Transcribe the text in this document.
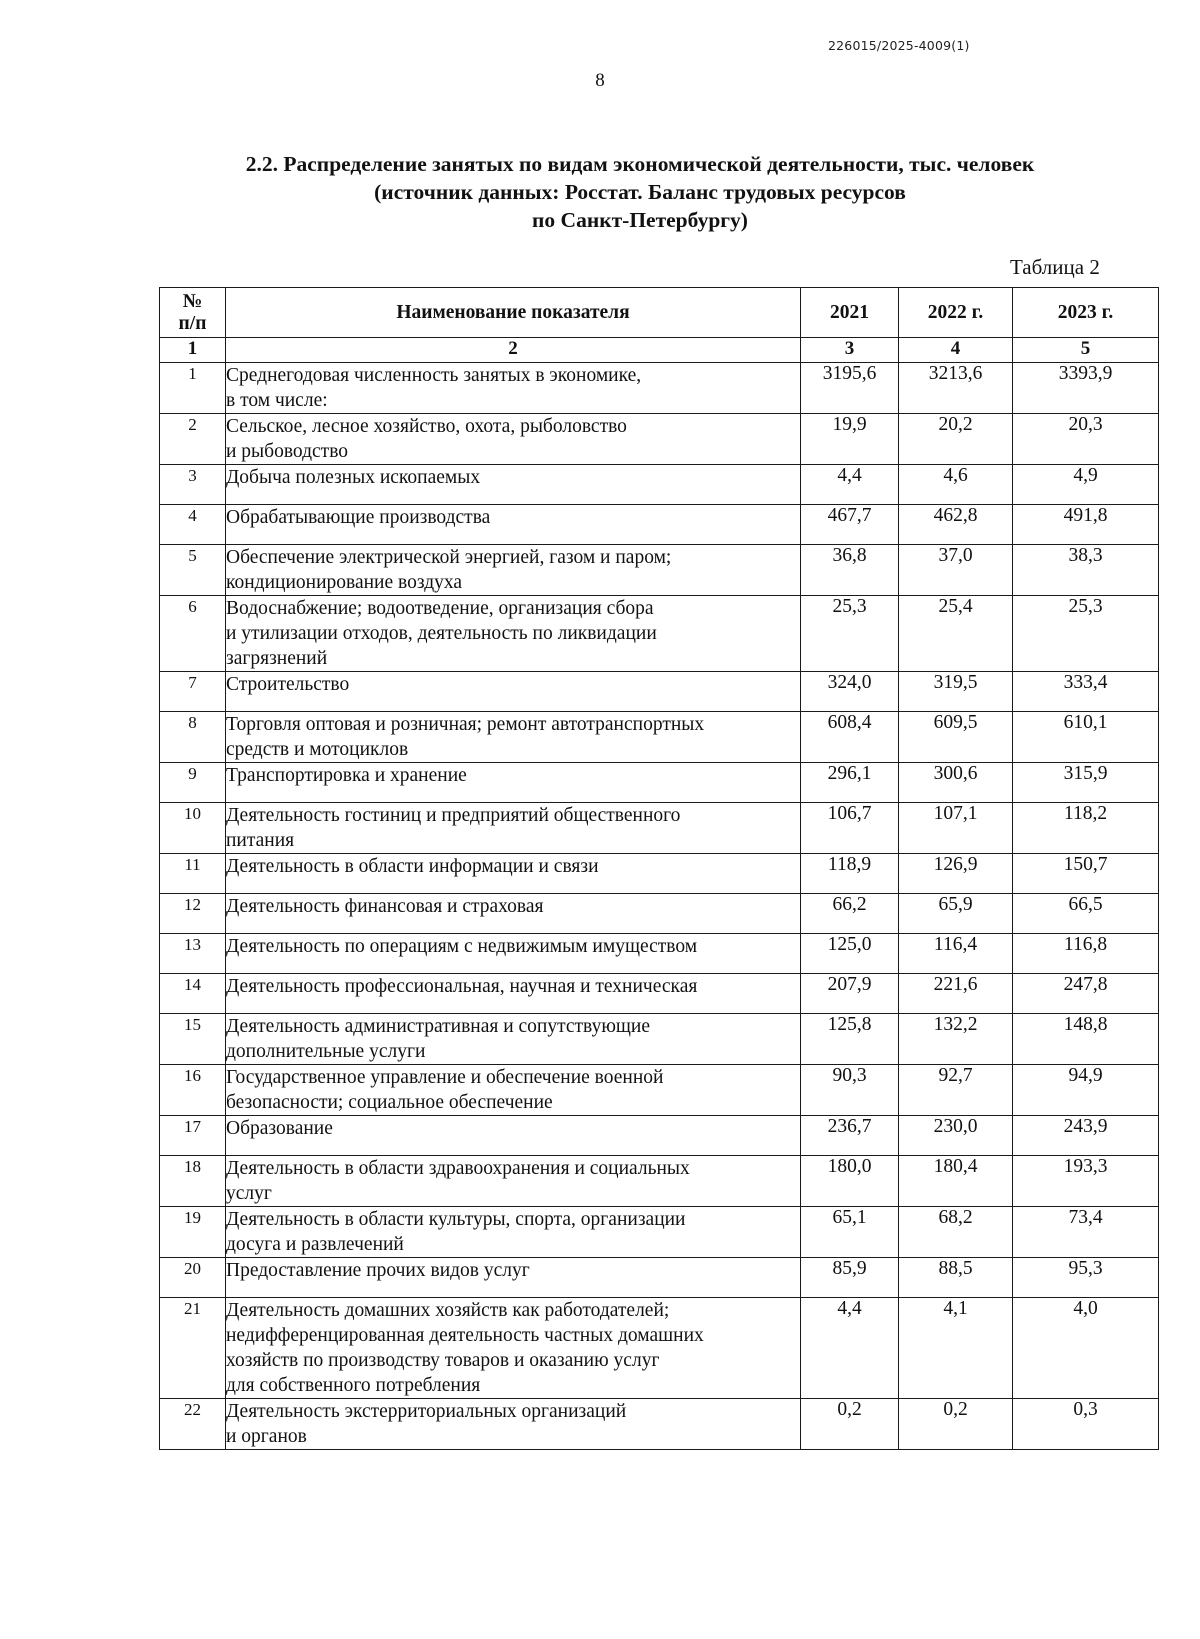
226015/2025-4009(1)
8
2.2. Распределение занятых по видам экономической деятельности, тыс. человек
(источник данных: Росстат. Баланс трудовых ресурсов
по Санкт-Петербургу)
Таблица 2
№
п/п	Наименование показателя	2021	2022 г.	2023 г.
1	2	3	4	5
1	Среднегодовая численность занятых в экономике,
в том числе:	3195,6	3213,6	3393,9
2	Сельское, лесное хозяйство, охота, рыболовство
и рыбоводство	19,9	20,2	20,3
3	Добыча полезных ископаемых	4,4	4,6	4,9
4	Обрабатывающие производства	467,7	462,8	491,8
5	Обеспечение электрической энергией, газом и паром;
кондиционирование воздуха	36,8	37,0	38,3
6	Водоснабжение; водоотведение, организация сбора
и утилизации отходов, деятельность по ликвидации
загрязнений	25,3	25,4	25,3
7	Строительство	324,0	319,5	333,4
8	Торговля оптовая и розничная; ремонт автотранспортных
средств и мотоциклов	608,4	609,5	610,1
9	Транспортировка и хранение	296,1	300,6	315,9
10	Деятельность гостиниц и предприятий общественного
питания	106,7	107,1	118,2
11	Деятельность в области информации и связи	118,9	126,9	150,7
12	Деятельность финансовая и страховая	66,2	65,9	66,5
13	Деятельность по операциям с недвижимым имуществом	125,0	116,4	116,8
14	Деятельность профессиональная, научная и техническая	207,9	221,6	247,8
15	Деятельность административная и сопутствующие
дополнительные услуги	125,8	132,2	148,8
16	Государственное управление и обеспечение военной
безопасности; социальное обеспечение	90,3	92,7	94,9
17	Образование	236,7	230,0	243,9
18	Деятельность в области здравоохранения и социальных
услуг	180,0	180,4	193,3
19	Деятельность в области культуры, спорта, организации
досуга и развлечений	65,1	68,2	73,4
20	Предоставление прочих видов услуг	85,9	88,5	95,3
21	Деятельность домашних хозяйств как работодателей;
недифференцированная деятельность частных домашних
хозяйств по производству товаров и оказанию услуг
для собственного потребления	4,4	4,1	4,0
22	Деятельность экстерриториальных организаций
и органов	0,2	0,2	0,3
